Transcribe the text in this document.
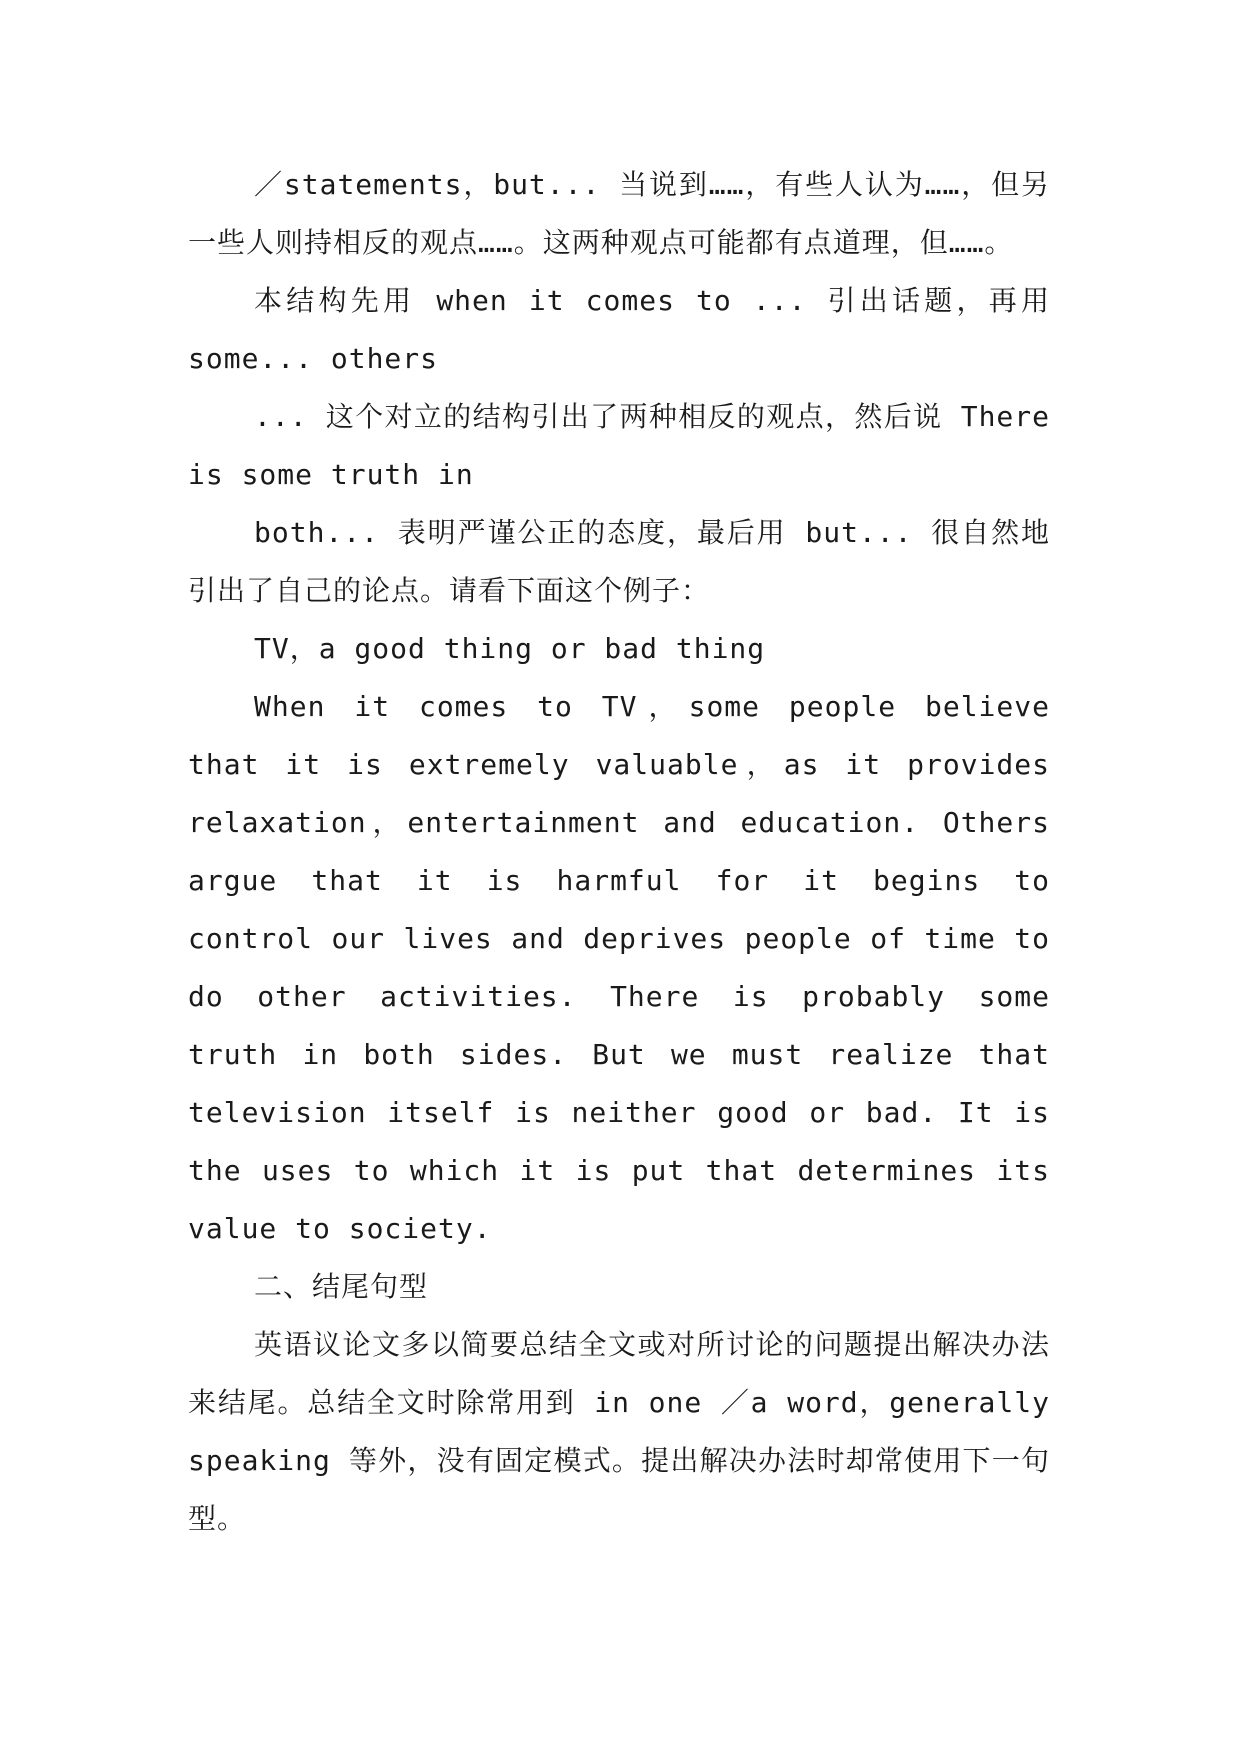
／statements，but... 当说到……，有些人认为……，但另一些人则持相反的观点……。这两种观点可能都有点道理，但……。

本结构先用 when it comes to ... 引出话题，再用 some... others

... 这个对立的结构引出了两种相反的观点，然后说 There is some truth in

both... 表明严谨公正的态度，最后用 but... 很自然地引出了自己的论点。请看下面这个例子：

TV，a good thing or bad thing

When it comes to TV，some people believe that it is extremely valuable，as it provides relaxation，entertainment and education. Others argue that it is harmful for it begins to control our lives and deprives people of time to do other activities. There is probably some truth in both sides. But we must realize that television itself is neither good or bad. It is the uses to which it is put that determines its value to society.

二、结尾句型

英语议论文多以简要总结全文或对所讨论的问题提出解决办法来结尾。总结全文时除常用到 in one ／a word，generally speaking 等外，没有固定模式。提出解决办法时却常使用下一句型。
